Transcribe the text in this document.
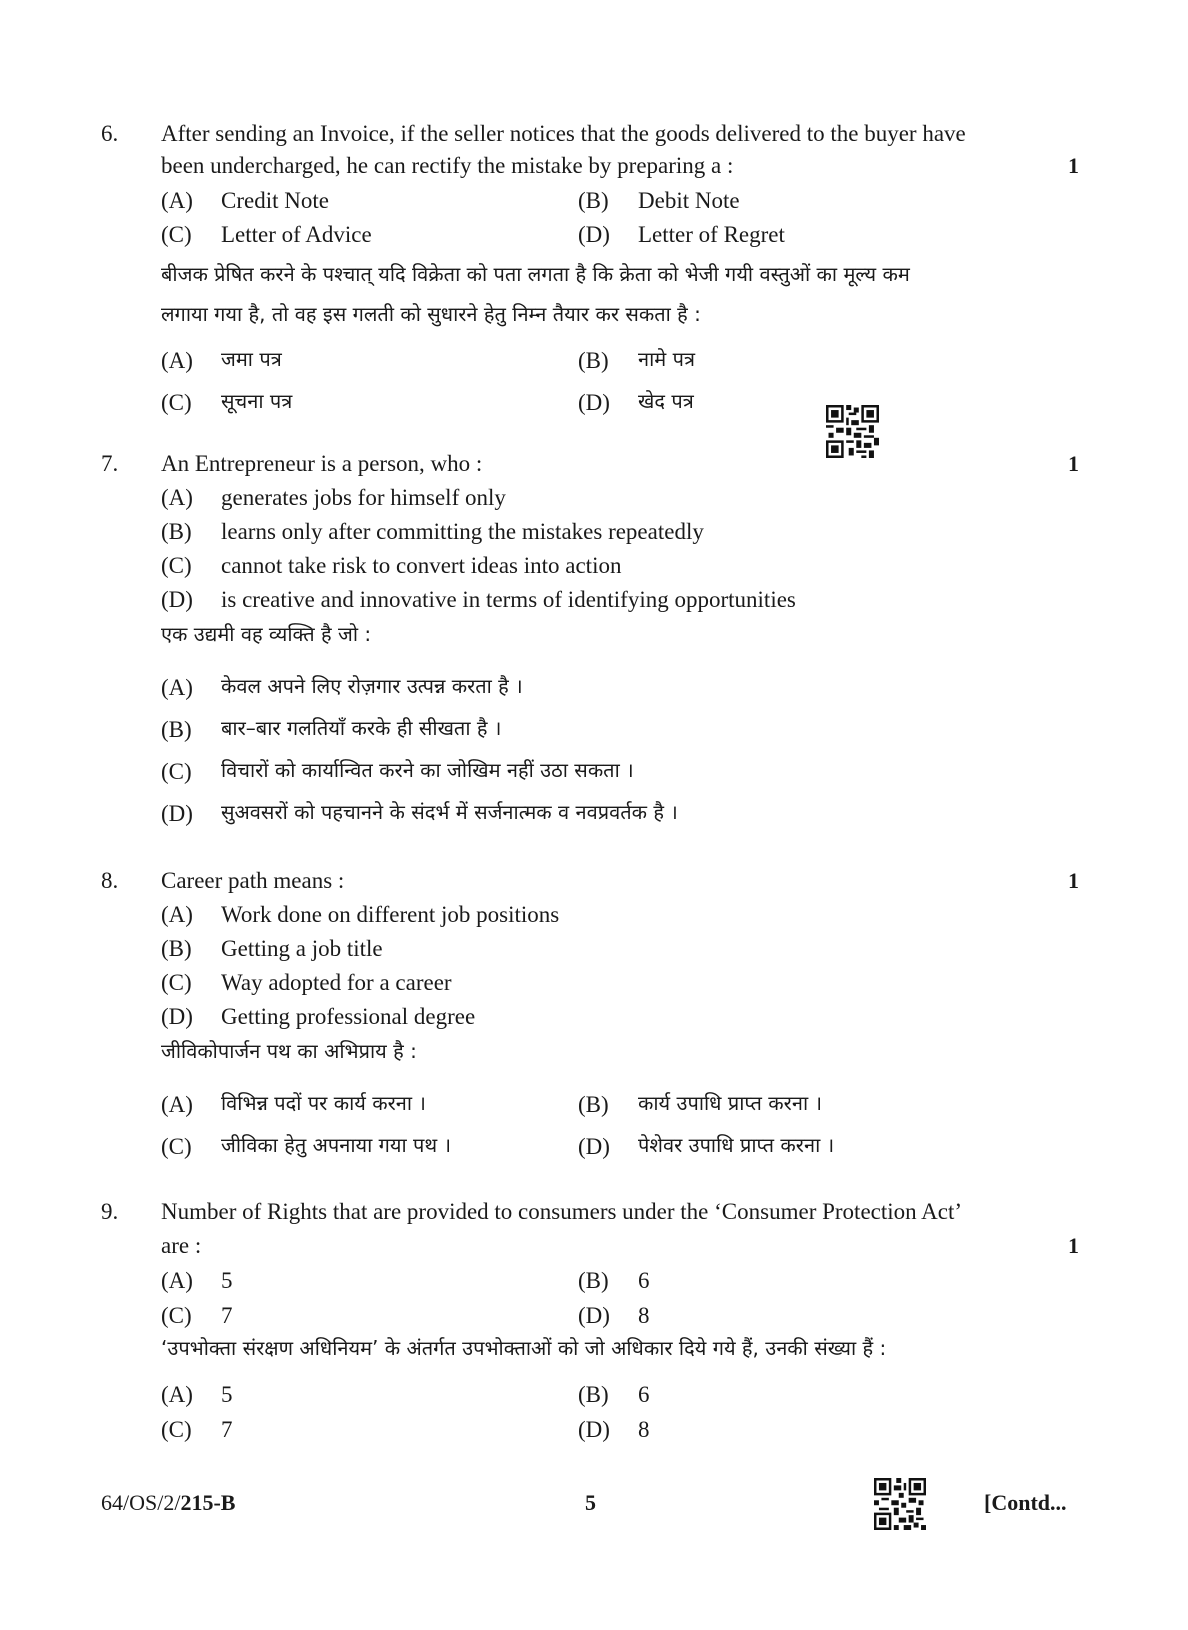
6. After sending an Invoice, if the seller notices that the goods delivered to the buyer have
been undercharged, he can rectify the mistake by preparing a :	1
(A) Credit Note	(B) Debit Note
(C) Letter of Advice	(D) Letter of Regret
बीजक प्रेषित करने के पश्चात् यदि विक्रेता को पता लगता है कि क्रेता को भेजी गयी वस्तुओं का मूल्य कम
लगाया गया है, तो वह इस गलती को सुधारने हेतु निम्न तैयार कर सकता है :
(A) जमा पत्र	(B) नामे पत्र
(C) सूचना पत्र	(D) खेद पत्र
7. An Entrepreneur is a person, who :	1
(A) generates jobs for himself only
(B) learns only after committing the mistakes repeatedly
(C) cannot take risk to convert ideas into action
(D) is creative and innovative in terms of identifying opportunities
एक उद्यमी वह व्यक्ति है जो :
(A) केवल अपने लिए रोज़गार उत्पन्न करता है ।
(B) बार–बार गलतियाँ करके ही सीखता है ।
(C) विचारों को कार्यान्वित करने का जोखिम नहीं उठा सकता ।
(D) सुअवसरों को पहचानने के संदर्भ में सर्जनात्मक व नवप्रवर्तक है ।
8. Career path means :	1
(A) Work done on different job positions
(B) Getting a job title
(C) Way adopted for a career
(D) Getting professional degree
जीविकोपार्जन पथ का अभिप्राय है :
(A) विभिन्न पदों पर कार्य करना ।	(B) कार्य उपाधि प्राप्त करना ।
(C) जीविका हेतु अपनाया गया पथ ।	(D) पेशेवर उपाधि प्राप्त करना ।
9. Number of Rights that are provided to consumers under the ‘Consumer Protection Act’
are :	1
(A) 5	(B) 6
(C) 7	(D) 8
‘उपभोक्ता संरक्षण अधिनियम’ के अंतर्गत उपभोक्ताओं को जो अधिकार दिये गये हैं, उनकी संख्या हैं :
(A) 5	(B) 6
(C) 7	(D) 8
64/OS/2/215-B	5	[Contd...
